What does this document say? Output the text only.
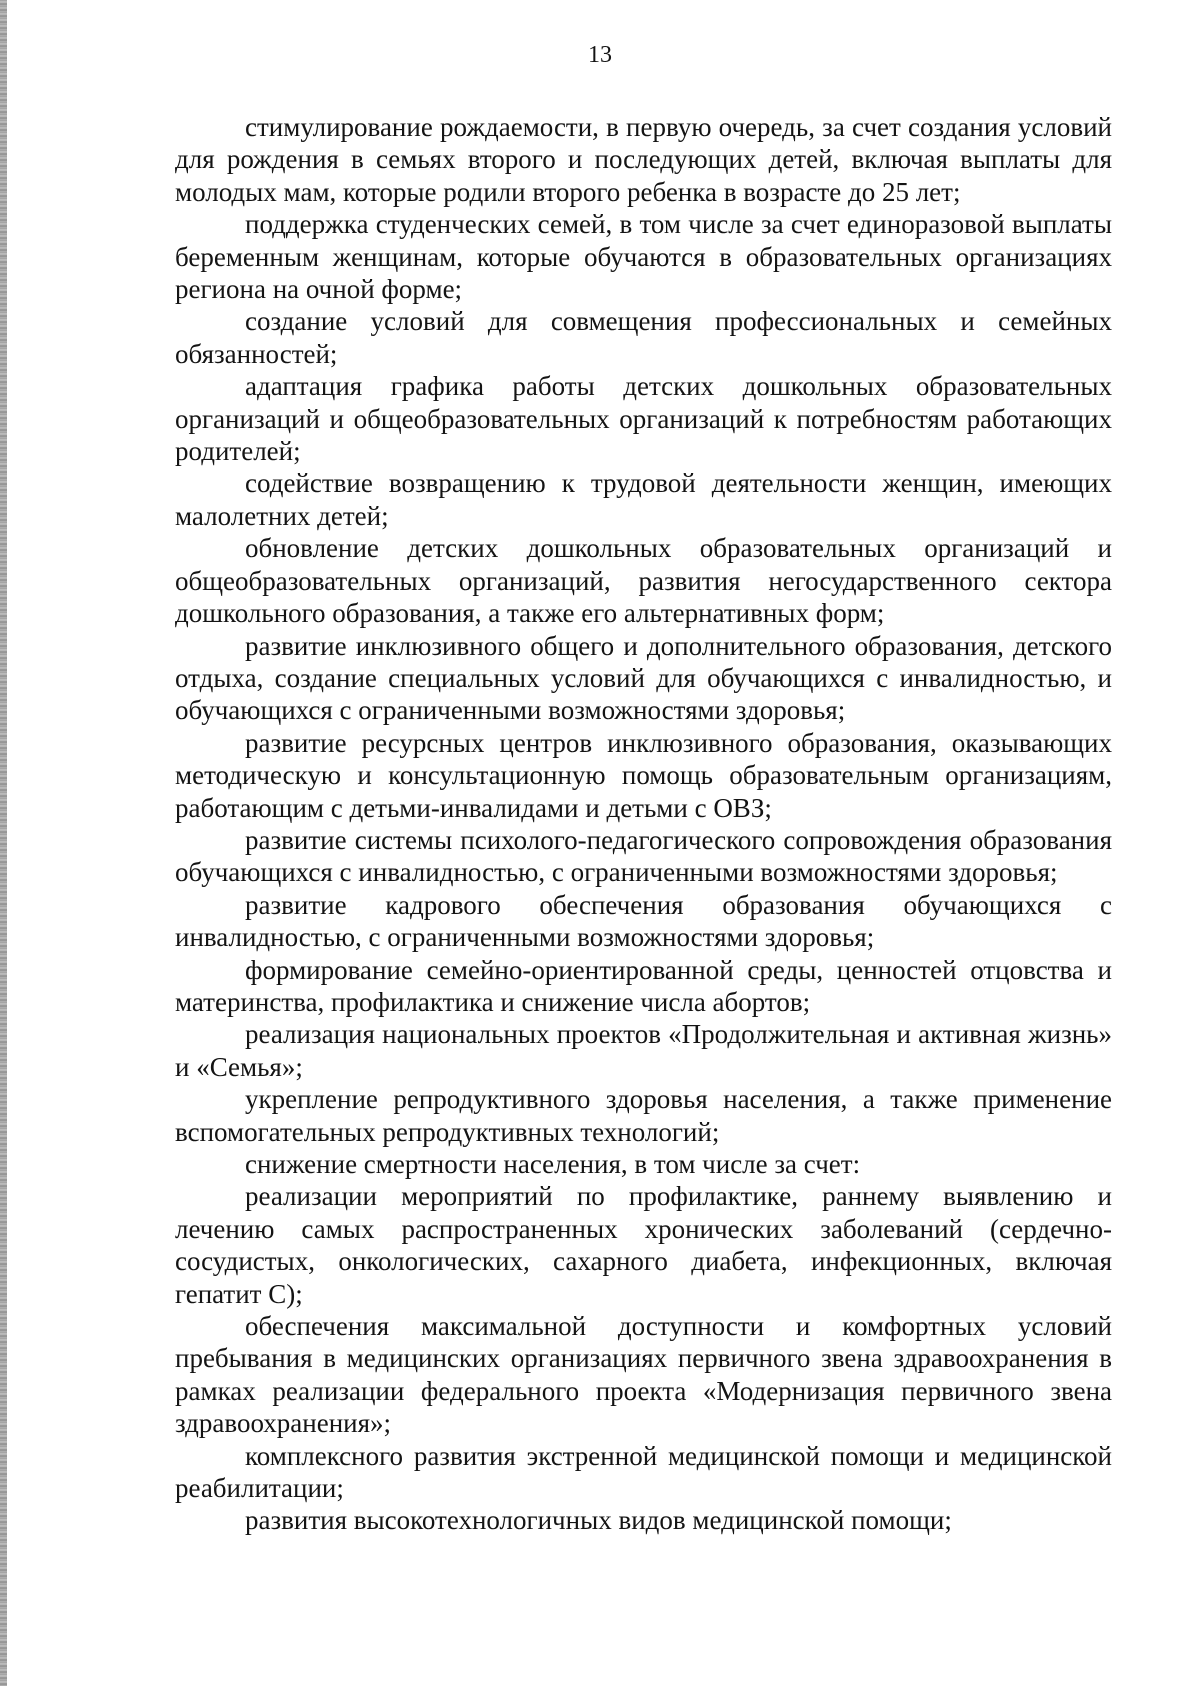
13

стимулирование рождаемости, в первую очередь, за счет создания условий для рождения в семьях второго и последующих детей, включая выплаты для молодых мам, которые родили второго ребенка в возрасте до 25 лет;

поддержка студенческих семей, в том числе за счет единоразовой выплаты беременным женщинам, которые обучаются в образовательных организациях региона на очной форме;

создание условий для совмещения профессиональных и семейных обязанностей;

адаптация графика работы детских дошкольных образовательных организаций и общеобразовательных организаций к потребностям работающих родителей;

содействие возвращению к трудовой деятельности женщин, имеющих малолетних детей;

обновление детских дошкольных образовательных организаций и общеобразовательных организаций, развития негосударственного сектора дошкольного образования, а также его альтернативных форм;

развитие инклюзивного общего и дополнительного образования, детского отдыха, создание специальных условий для обучающихся с инвалидностью, и обучающихся с ограниченными возможностями здоровья;

развитие ресурсных центров инклюзивного образования, оказывающих методическую и консультационную помощь образовательным организациям, работающим с детьми-инвалидами и детьми с ОВЗ;

развитие системы психолого-педагогического сопровождения образования обучающихся с инвалидностью, с ограниченными возможностями здоровья;

развитие кадрового обеспечения образования обучающихся с инвалидностью, с ограниченными возможностями здоровья;

формирование семейно-ориентированной среды, ценностей отцовства и материнства, профилактика и снижение числа абортов;

реализация национальных проектов «Продолжительная и активная жизнь» и «Семья»;

укрепление репродуктивного здоровья населения, а также применение вспомогательных репродуктивных технологий;

снижение смертности населения, в том числе за счет:

реализации мероприятий по профилактике, раннему выявлению и лечению самых распространенных хронических заболеваний (сердечно-сосудистых, онкологических, сахарного диабета, инфекционных, включая гепатит С);

обеспечения максимальной доступности и комфортных условий пребывания в медицинских организациях первичного звена здравоохранения в рамках реализации федерального проекта «Модернизация первичного звена здравоохранения»;

комплексного развития экстренной медицинской помощи и медицинской реабилитации;

развития высокотехнологичных видов медицинской помощи;
